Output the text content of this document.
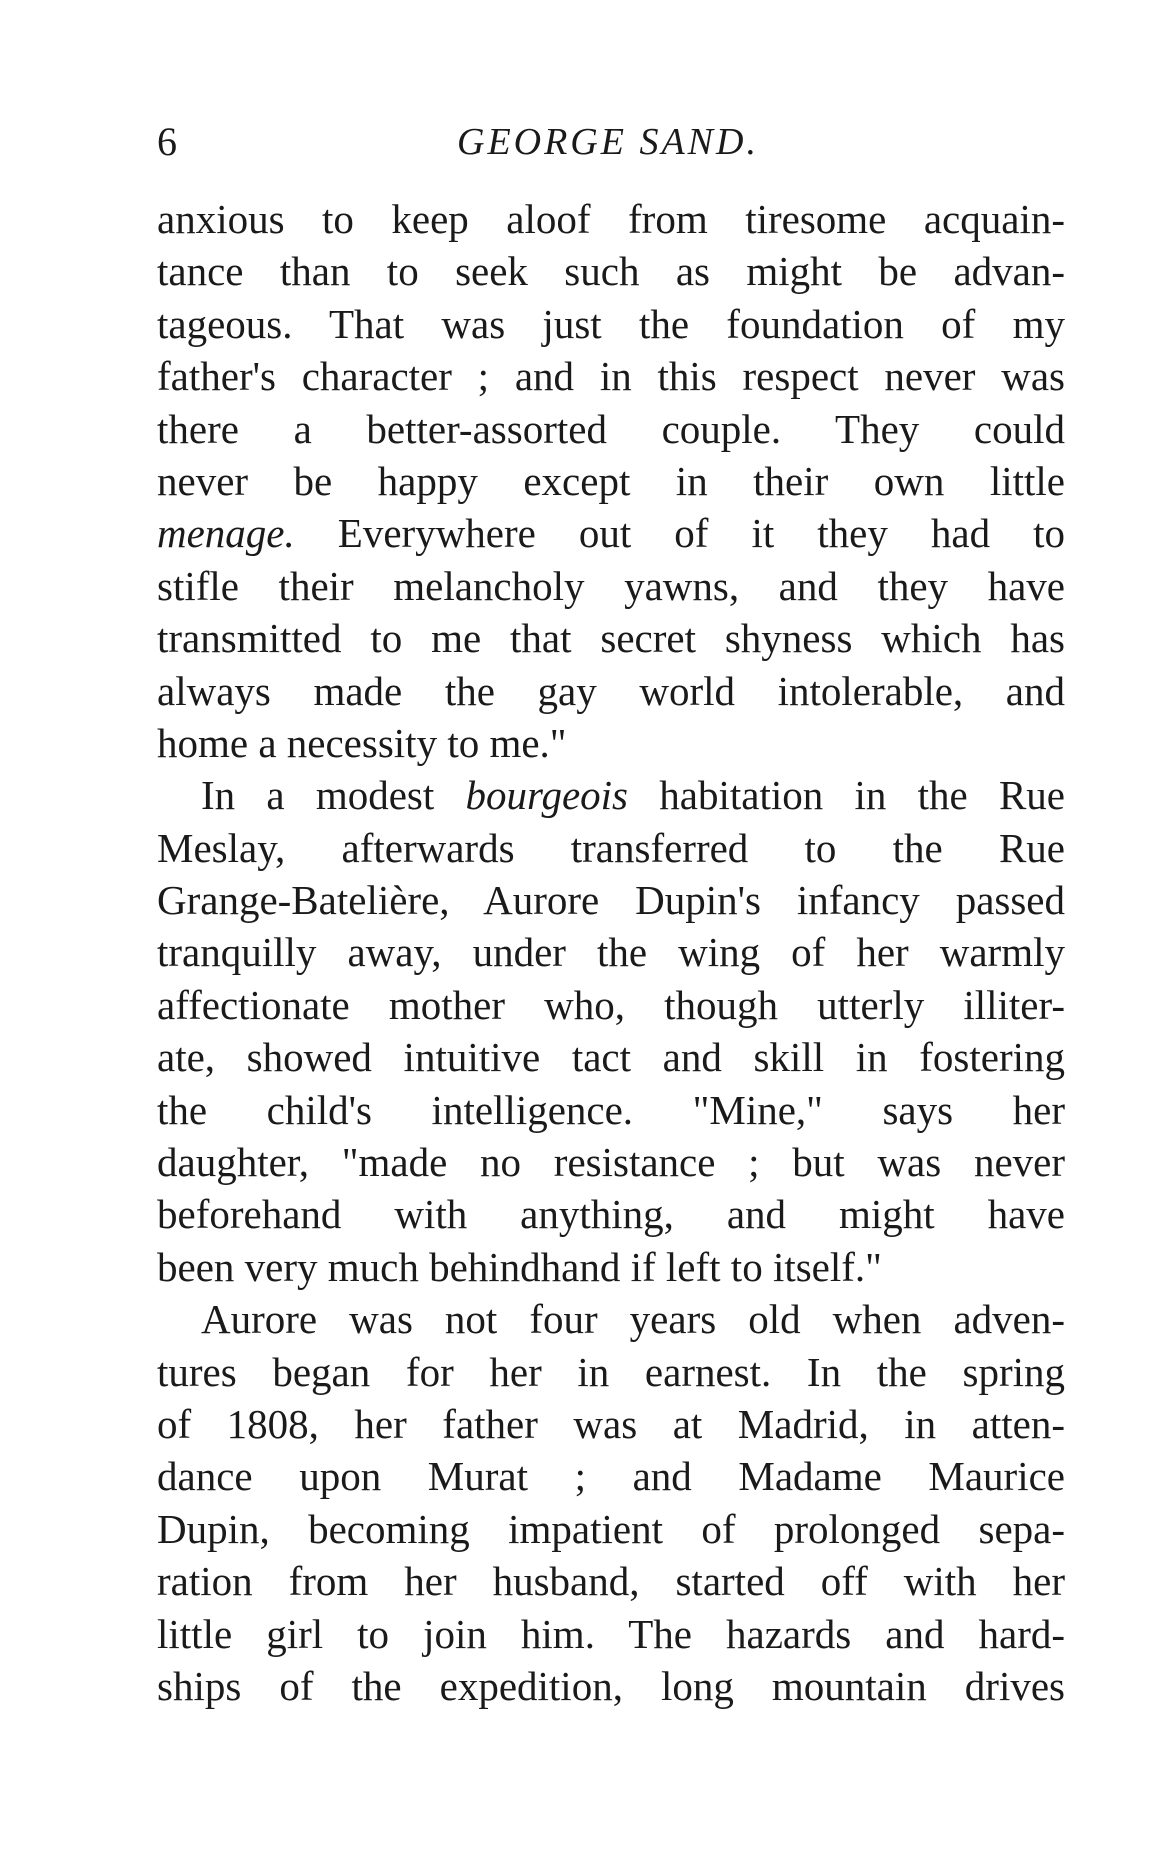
6	GEORGE SAND.
anxious to keep aloof from tiresome acquain-
tance than to seek such as might be advan-
tageous. That was just the foundation of my
father's character ; and in this respect never was
there a better-assorted couple. They could
never be happy except in their own little
menage. Everywhere out of it they had to
stifle their melancholy yawns, and they have
transmitted to me that secret shyness which has
always made the gay world intolerable, and
home a necessity to me."
In a modest bourgeois habitation in the Rue
Meslay, afterwards transferred to the Rue
Grange-Batelière, Aurore Dupin's infancy passed
tranquilly away, under the wing of her warmly
affectionate mother who, though utterly illiter-
ate, showed intuitive tact and skill in fostering
the child's intelligence. "Mine," says her
daughter, "made no resistance ; but was never
beforehand with anything, and might have
been very much behindhand if left to itself."
Aurore was not four years old when adven-
tures began for her in earnest. In the spring
of 1808, her father was at Madrid, in atten-
dance upon Murat ; and Madame Maurice
Dupin, becoming impatient of prolonged sepa-
ration from her husband, started off with her
little girl to join him. The hazards and hard-
ships of the expedition, long mountain drives
